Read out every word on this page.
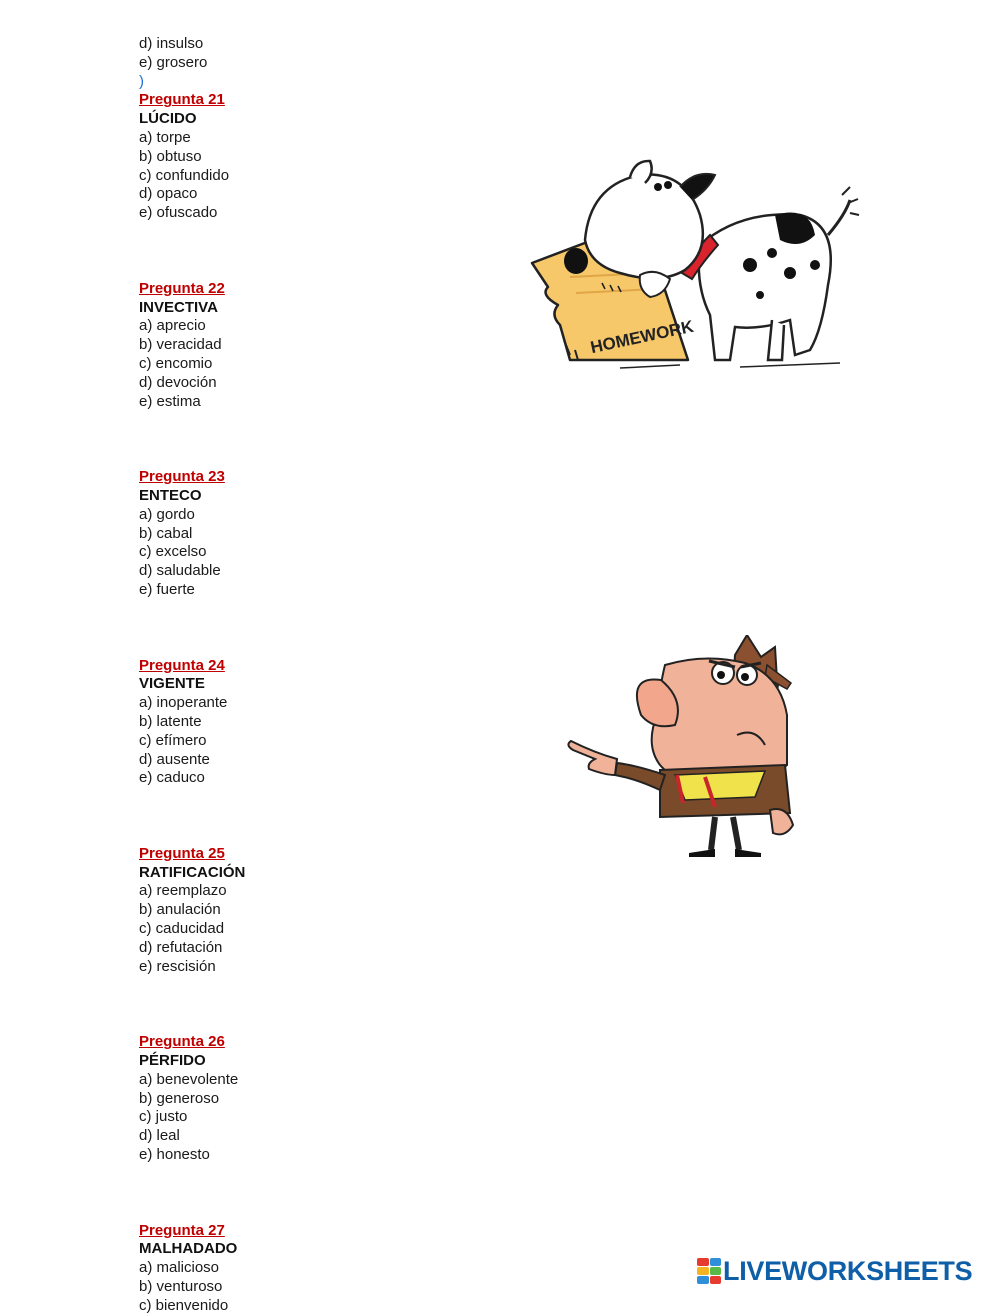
d) insulso
e) grosero
)
Pregunta 21
LÚCIDO
a) torpe
b) obtuso
c) confundido
d) opaco
e) ofuscado
Pregunta 22
INVECTIVA
a) aprecio
b) veracidad
c) encomio
d) devoción
e) estima
Pregunta 23
ENTECO
a) gordo
b) cabal
c) excelso
d) saludable
e) fuerte
Pregunta 24
VIGENTE
a) inoperante
b) latente
c) efímero
d) ausente
e) caduco
Pregunta 25
RATIFICACIÓN
a) reemplazo
b) anulación
c) caducidad
d) refutación
e) rescisión
Pregunta 26
PÉRFIDO
a) benevolente
b) generoso
c) justo
d) leal
e) honesto
Pregunta 27
MALHADADO
a) malicioso
b) venturoso
c) bienvenido
HOMEWORK
LIVEWORKSHEETS
